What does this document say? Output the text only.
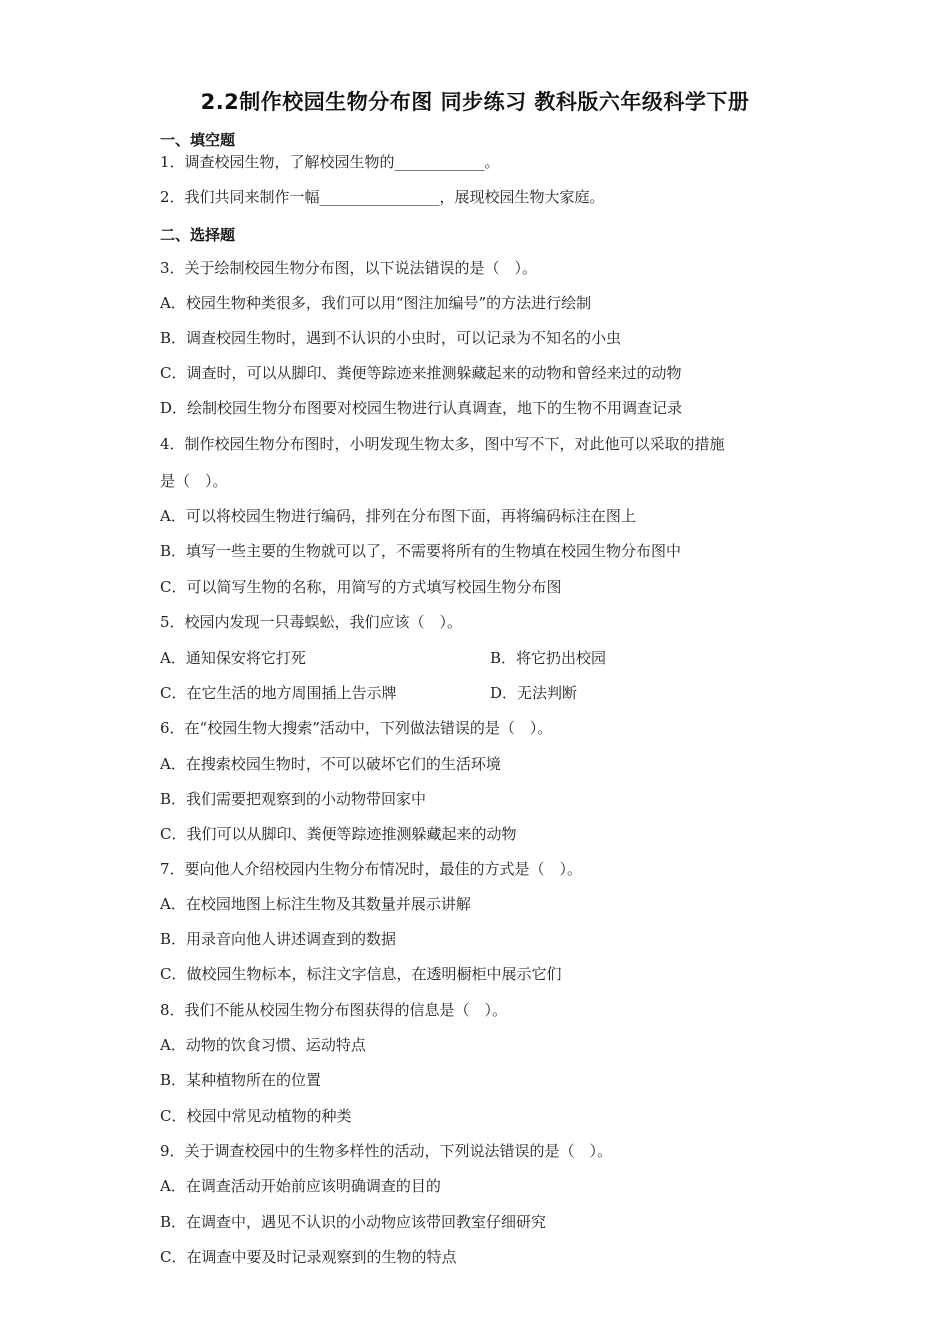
2.2制作校园生物分布图 同步练习 教科版六年级科学下册
一、填空题
1．调查校园生物，了解校园生物的____________。
2．我们共同来制作一幅________________，展现校园生物大家庭。
二、选择题
3．关于绘制校园生物分布图，以下说法错误的是（　）。
A．校园生物种类很多，我们可以用“图注加编号”的方法进行绘制
B．调查校园生物时，遇到不认识的小虫时，可以记录为不知名的小虫
C．调查时，可以从脚印、粪便等踪迹来推测躲藏起来的动物和曾经来过的动物
D．绘制校园生物分布图要对校园生物进行认真调查，地下的生物不用调查记录
4．制作校园生物分布图时，小明发现生物太多，图中写不下，对此他可以采取的措施
是（　）。
A．可以将校园生物进行编码，排列在分布图下面，再将编码标注在图上
B．填写一些主要的生物就可以了，不需要将所有的生物填在校园生物分布图中
C．可以简写生物的名称，用简写的方式填写校园生物分布图
5．校园内发现一只毒蜈蚣，我们应该（　）。
A．通知保安将它打死	B．将它扔出校园
C．在它生活的地方周围插上告示牌	D．无法判断
6．在“校园生物大搜索”活动中，下列做法错误的是（　）。
A．在搜索校园生物时，不可以破坏它们的生活环境
B．我们需要把观察到的小动物带回家中
C．我们可以从脚印、粪便等踪迹推测躲藏起来的动物
7．要向他人介绍校园内生物分布情况时，最佳的方式是（　）。
A．在校园地图上标注生物及其数量并展示讲解
B．用录音向他人讲述调查到的数据
C．做校园生物标本，标注文字信息，在透明橱柜中展示它们
8．我们不能从校园生物分布图获得的信息是（　）。
A．动物的饮食习惯、运动特点
B．某种植物所在的位置
C．校园中常见动植物的种类
9．关于调查校园中的生物多样性的活动，下列说法错误的是（　）。
A．在调查活动开始前应该明确调查的目的
B．在调查中，遇见不认识的小动物应该带回教室仔细研究
C．在调查中要及时记录观察到的生物的特点
